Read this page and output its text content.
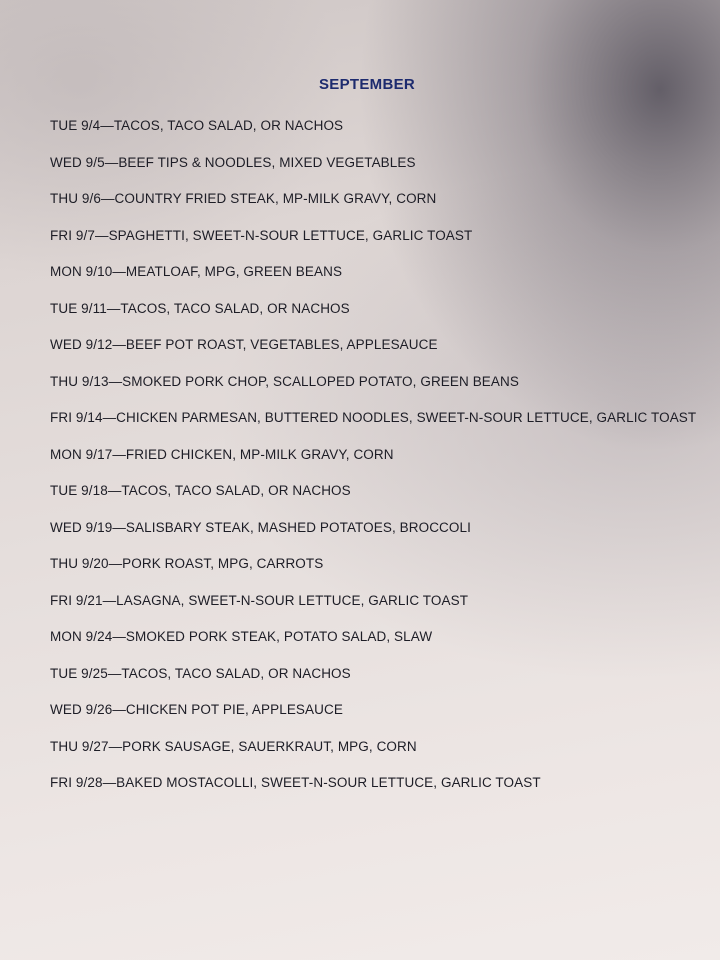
SEPTEMBER
TUE 9/4—TACOS, TACO SALAD, OR NACHOS
WED 9/5—BEEF TIPS & NOODLES, MIXED VEGETABLES
THU 9/6—COUNTRY FRIED STEAK, MP-MILK GRAVY, CORN
FRI 9/7—SPAGHETTI, SWEET-N-SOUR LETTUCE, GARLIC TOAST
MON 9/10—MEATLOAF, MPG, GREEN BEANS
TUE 9/11—TACOS, TACO SALAD, OR NACHOS
WED 9/12—BEEF POT ROAST, VEGETABLES, APPLESAUCE
THU 9/13—SMOKED PORK CHOP, SCALLOPED POTATO, GREEN BEANS
FRI 9/14—CHICKEN PARMESAN, BUTTERED NOODLES, SWEET-N-SOUR LETTUCE, GARLIC TOAST
MON 9/17—FRIED CHICKEN, MP-MILK GRAVY, CORN
TUE 9/18—TACOS, TACO SALAD, OR NACHOS
WED 9/19—SALISBARY STEAK, MASHED POTATOES, BROCCOLI
THU 9/20—PORK ROAST, MPG, CARROTS
FRI 9/21—LASAGNA, SWEET-N-SOUR LETTUCE, GARLIC TOAST
MON 9/24—SMOKED PORK STEAK, POTATO SALAD, SLAW
TUE 9/25—TACOS, TACO SALAD, OR NACHOS
WED 9/26—CHICKEN POT PIE, APPLESAUCE
THU 9/27—PORK SAUSAGE, SAUERKRAUT, MPG, CORN
FRI 9/28—BAKED MOSTACOLLI, SWEET-N-SOUR LETTUCE, GARLIC TOAST
